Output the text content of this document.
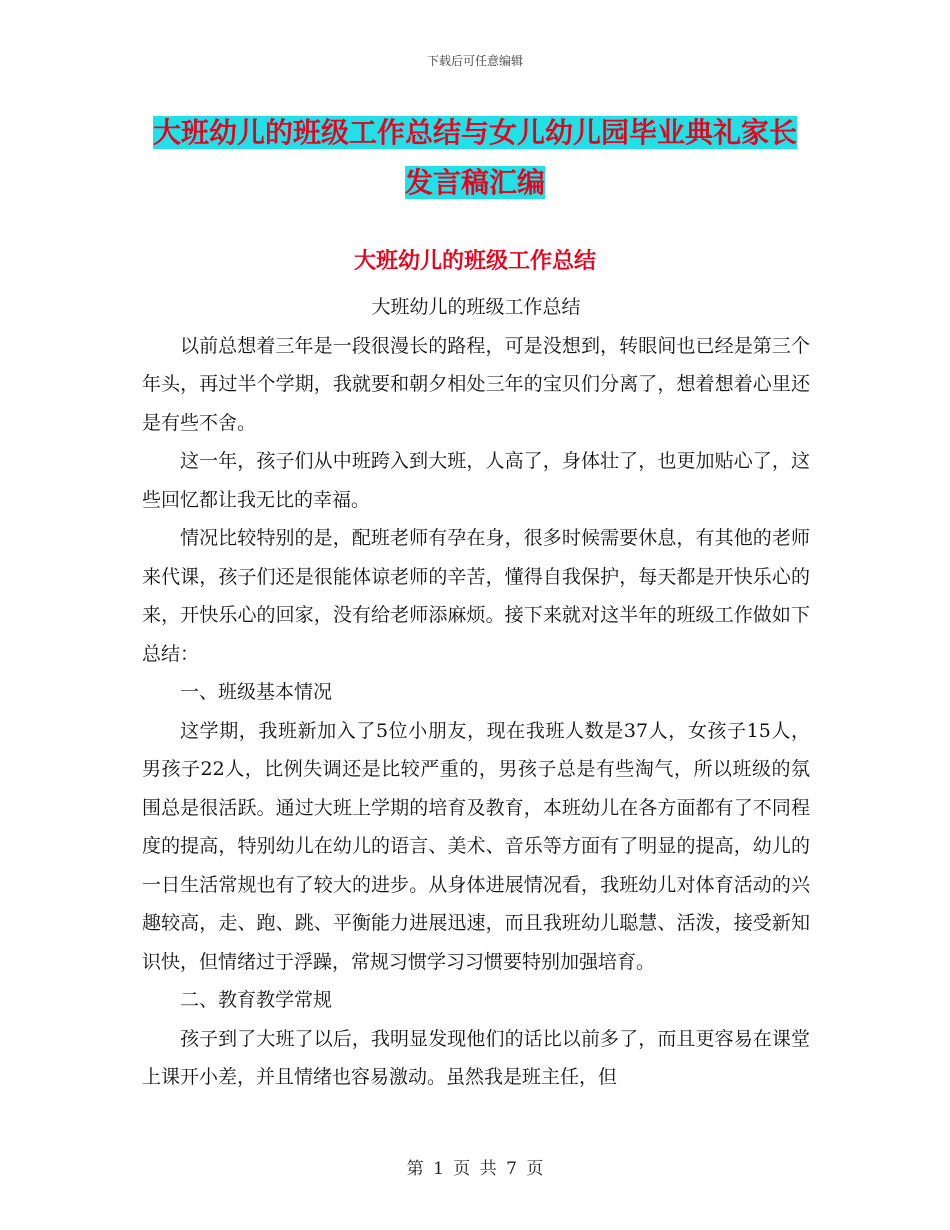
下载后可任意编辑
大班幼儿的班级工作总结与女儿幼儿园毕业典礼家长
发言稿汇编
大班幼儿的班级工作总结

大班幼儿的班级工作总结

以前总想着三年是一段很漫长的路程，可是没想到，转眼间也已经是第三个年头，再过半个学期，我就要和朝夕相处三年的宝贝们分离了，想着想着心里还是有些不舍。

这一年，孩子们从中班跨入到大班，人高了，身体壮了，也更加贴心了，这些回忆都让我无比的幸福。

情况比较特别的是，配班老师有孕在身，很多时候需要休息，有其他的老师来代课，孩子们还是很能体谅老师的辛苦，懂得自我保护，每天都是开快乐心的来，开快乐心的回家，没有给老师添麻烦。接下来就对这半年的班级工作做如下总结：

一、班级基本情况

这学期，我班新加入了5位小朋友，现在我班人数是37人，女孩子15人，男孩子22人，比例失调还是比较严重的，男孩子总是有些淘气，所以班级的氛围总是很活跃。通过大班上学期的培育及教育，本班幼儿在各方面都有了不同程度的提高，特别幼儿在幼儿的语言、美术、音乐等方面有了明显的提高，幼儿的一日生活常规也有了较大的进步。从身体进展情况看，我班幼儿对体育活动的兴趣较高，走、跑、跳、平衡能力进展迅速，而且我班幼儿聪慧、活泼，接受新知识快，但情绪过于浮躁，常规习惯学习习惯要特别加强培育。

二、教育教学常规

孩子到了大班了以后，我明显发现他们的话比以前多了，而且更容易在课堂上课开小差，并且情绪也容易激动。虽然我是班主任，但

第 1 页 共 7 页
